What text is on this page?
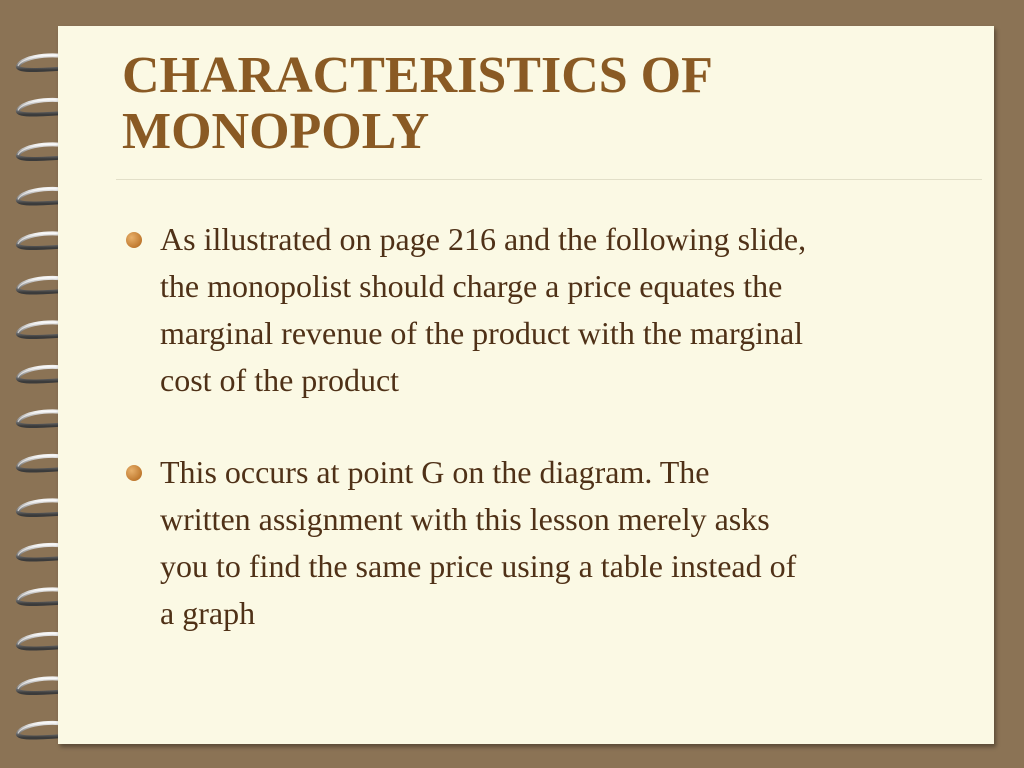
CHARACTERISTICS OF
MONOPOLY
As illustrated on page 216 and the following slide,
the monopolist should charge a price equates the
marginal revenue of the product with the marginal
cost of the product
This occurs at point G on the diagram. The
written assignment with this lesson merely asks
you to find the same price using a table instead of
a graph
